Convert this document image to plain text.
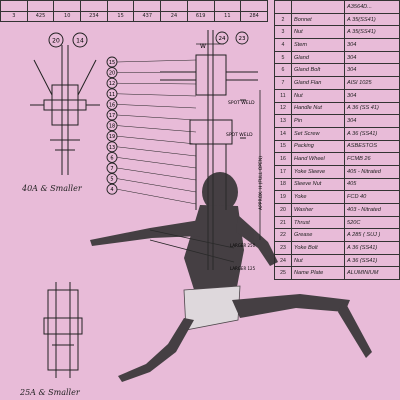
3	425	10	234	15	437	24	619	11	284
		A3564D...
2	Bonnet	A 35(SS41)
3	Nut	A 35(SS41)
4	Stem	304
5	Gland	304
6	Gland Bolt	304
7	Gland Flan	AISI 1025
11	Nut	304
12	Handle Nut	A 36 (SS 41)
13	Pin	304
14	Set Screw	A 36 (SS41)
15	Packing	ASBESTOS
16	Hand Wheel	FCMB 26
17	Yoke Sleeve	405 - Nitrated
18	Sleeve Nut	405
19	Yoke	FCD 40
20	Washer	403 - Nitrated
21	Thrust	520C
22	Grease	A 285 ( SUJ )
23	Yoke Bolt	A 36 (SS41)
24	Nut	A 36 (SS41)
25	Name Plate	ALUMINIUM
20	14
15
20
12
11
16
17
18
19
13
6
7
5
4
24 23
W
SPOT WELD
SPOT WELD
APPROX. H (FULL OPEN)
LARGER 250
LARGER 125
40A & Smaller
25A & Smaller
